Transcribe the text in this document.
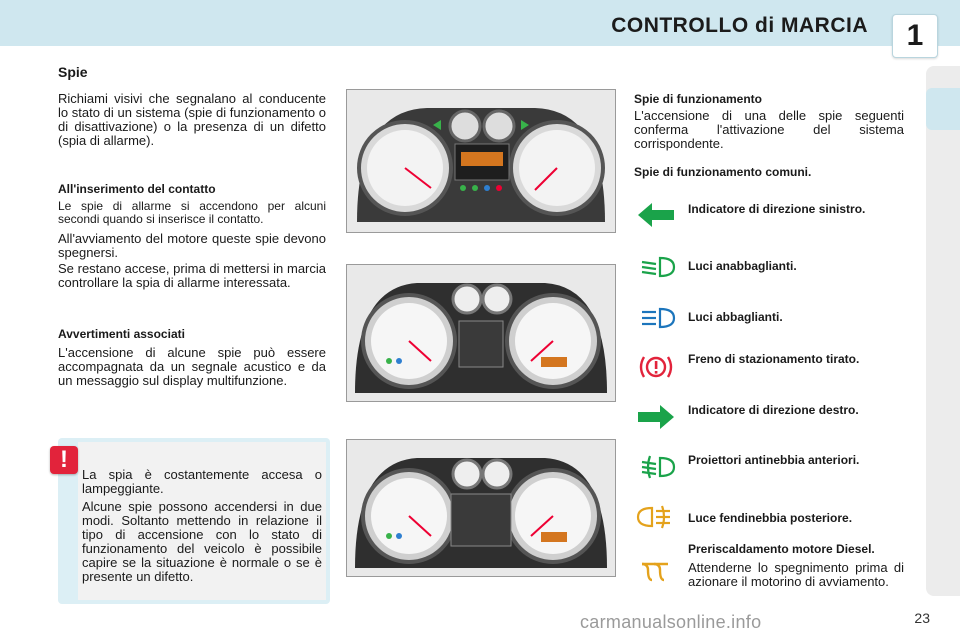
CONTROLLO di MARCIA	1
Spie
Richiami visivi che segnalano al conducente lo stato di un sistema (spie di funzionamento o di disattivazione) o la presenza di un difetto (spia di allarme).
All'inserimento del contatto
Le spie di allarme si accendono per alcuni secondi quando si inserisce il contatto.
All'avviamento del motore queste spie devono spegnersi.
Se restano accese, prima di mettersi in marcia controllare la spia di allarme interessata.
Avvertimenti associati
L'accensione di alcune spie può essere accompagnata da un segnale acustico e da un messaggio sul display multifunzione.
!
La spia è costantemente accesa o lampeggiante.
Alcune spie possono accendersi in due modi. Soltanto mettendo in relazione il tipo di accensione con lo stato di funzionamento del veicolo è possibile capire se la situazione è normale o se è presente un difetto.
Spie di funzionamento
L'accensione di una delle spie seguenti conferma l'attivazione del sistema corrispondente.
Spie di funzionamento comuni.
Indicatore di direzione sinistro.
Luci anabbaglianti.
Luci abbaglianti.
Freno di stazionamento tirato.
Indicatore di direzione destro.
Proiettori antinebbia anteriori.
Luce fendinebbia posteriore.
Preriscaldamento motore Diesel.
Attenderne lo spegnimento prima di azionare il motorino di avviamento.
carmanualsonline.info	23
